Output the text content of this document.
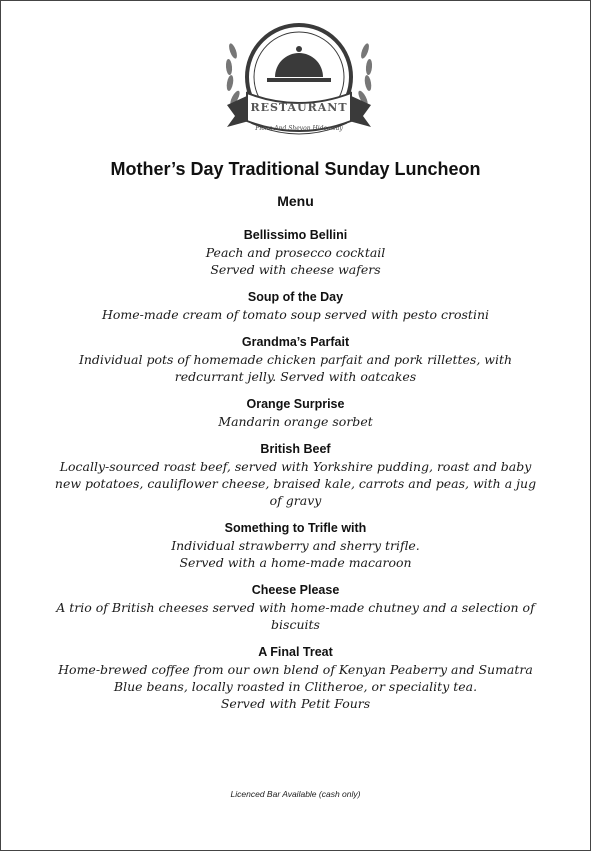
RESTAURANT
Fiona And Shevon Hideaway
Mother’s Day Traditional Sunday Luncheon
Menu
Bellissimo Bellini
Peach and prosecco cocktail
Served with cheese wafers
Soup of the Day
Home-made cream of tomato soup served with pesto crostini
Grandma’s Parfait
Individual pots of homemade chicken parfait and pork rillettes, with
redcurrant jelly. Served with oatcakes
Orange Surprise
Mandarin orange sorbet
British Beef
Locally-sourced roast beef, served with Yorkshire pudding, roast and baby
new potatoes, cauliflower cheese, braised kale, carrots and peas, with a jug
of gravy
Something to Trifle with
Individual strawberry and sherry trifle.
Served with a home-made macaroon
Cheese Please
A trio of British cheeses served with home-made chutney and a selection of
biscuits
A Final Treat
Home-brewed coffee from our own blend of Kenyan Peaberry and Sumatra
Blue beans, locally roasted in Clitheroe, or speciality tea.
Served with Petit Fours
Licenced Bar Available (cash only)
